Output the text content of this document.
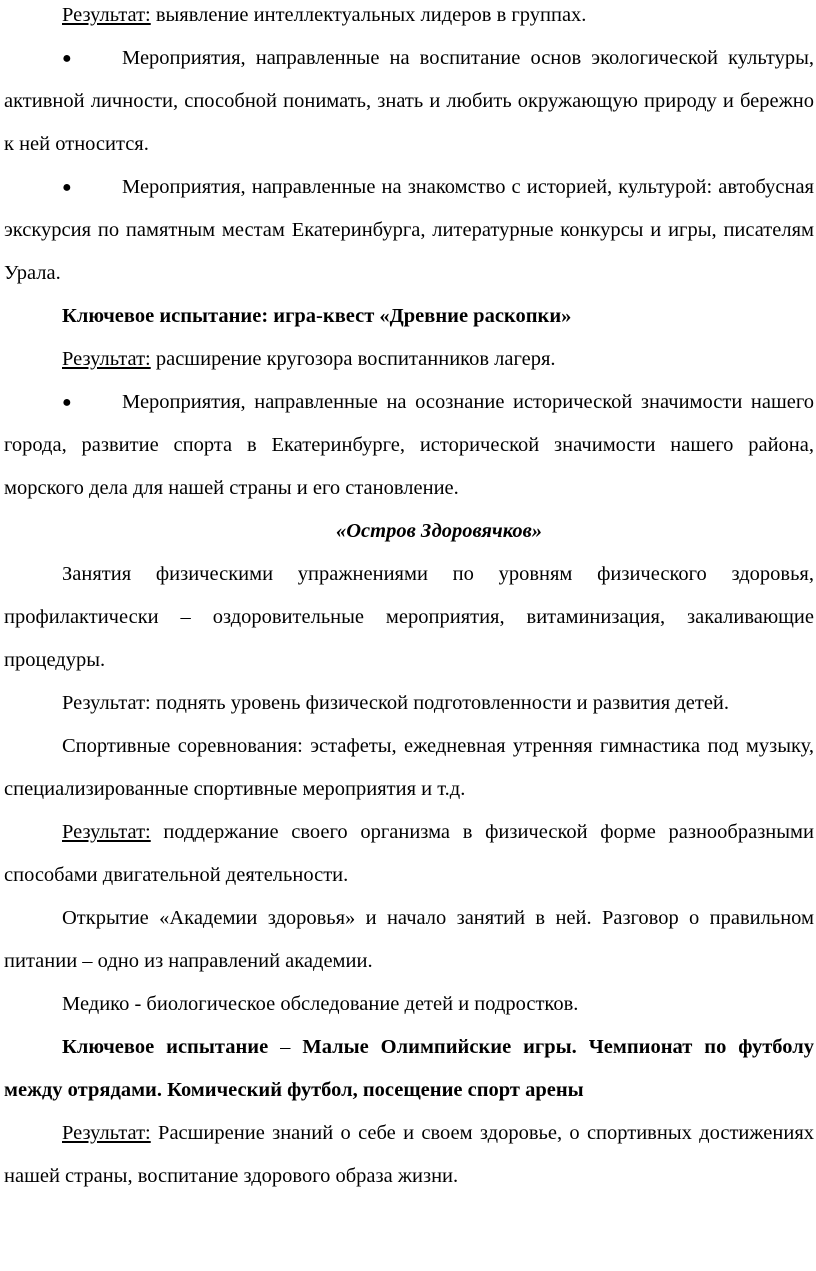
Результат: выявление интеллектуальных лидеров в группах.

● Мероприятия, направленные на воспитание основ экологической культуры, активной личности, способной понимать, знать и любить окружающую природу и бережно к ней относится.

● Мероприятия, направленные на знакомство с историей, культурой: автобусная экскурсия по памятным местам Екатеринбурга, литературные конкурсы и игры, писателям Урала.

Ключевое испытание: игра-квест «Древние раскопки»

Результат: расширение кругозора воспитанников лагеря.

● Мероприятия, направленные на осознание исторической значимости нашего города, развитие спорта в Екатеринбурге, исторической значимости нашего района, морского дела для нашей страны и его становление.

«Остров Здоровячков»

Занятия физическими упражнениями по уровням физического здоровья, профилактически – оздоровительные мероприятия, витаминизация, закаливающие процедуры.

Результат: поднять уровень физической подготовленности и развития детей.

Спортивные соревнования: эстафеты, ежедневная утренняя гимнастика под музыку, специализированные спортивные мероприятия и т.д.

Результат: поддержание своего организма в физической форме разнообразными способами двигательной деятельности.

Открытие «Академии здоровья» и начало занятий в ней. Разговор о правильном питании – одно из направлений академии.

Медико - биологическое обследование детей и подростков.

Ключевое испытание – Малые Олимпийские игры. Чемпионат по футболу между отрядами. Комический футбол, посещение спорт арены

Результат: Расширение знаний о себе и своем здоровье, о спортивных достижениях нашей страны, воспитание здорового образа жизни.
